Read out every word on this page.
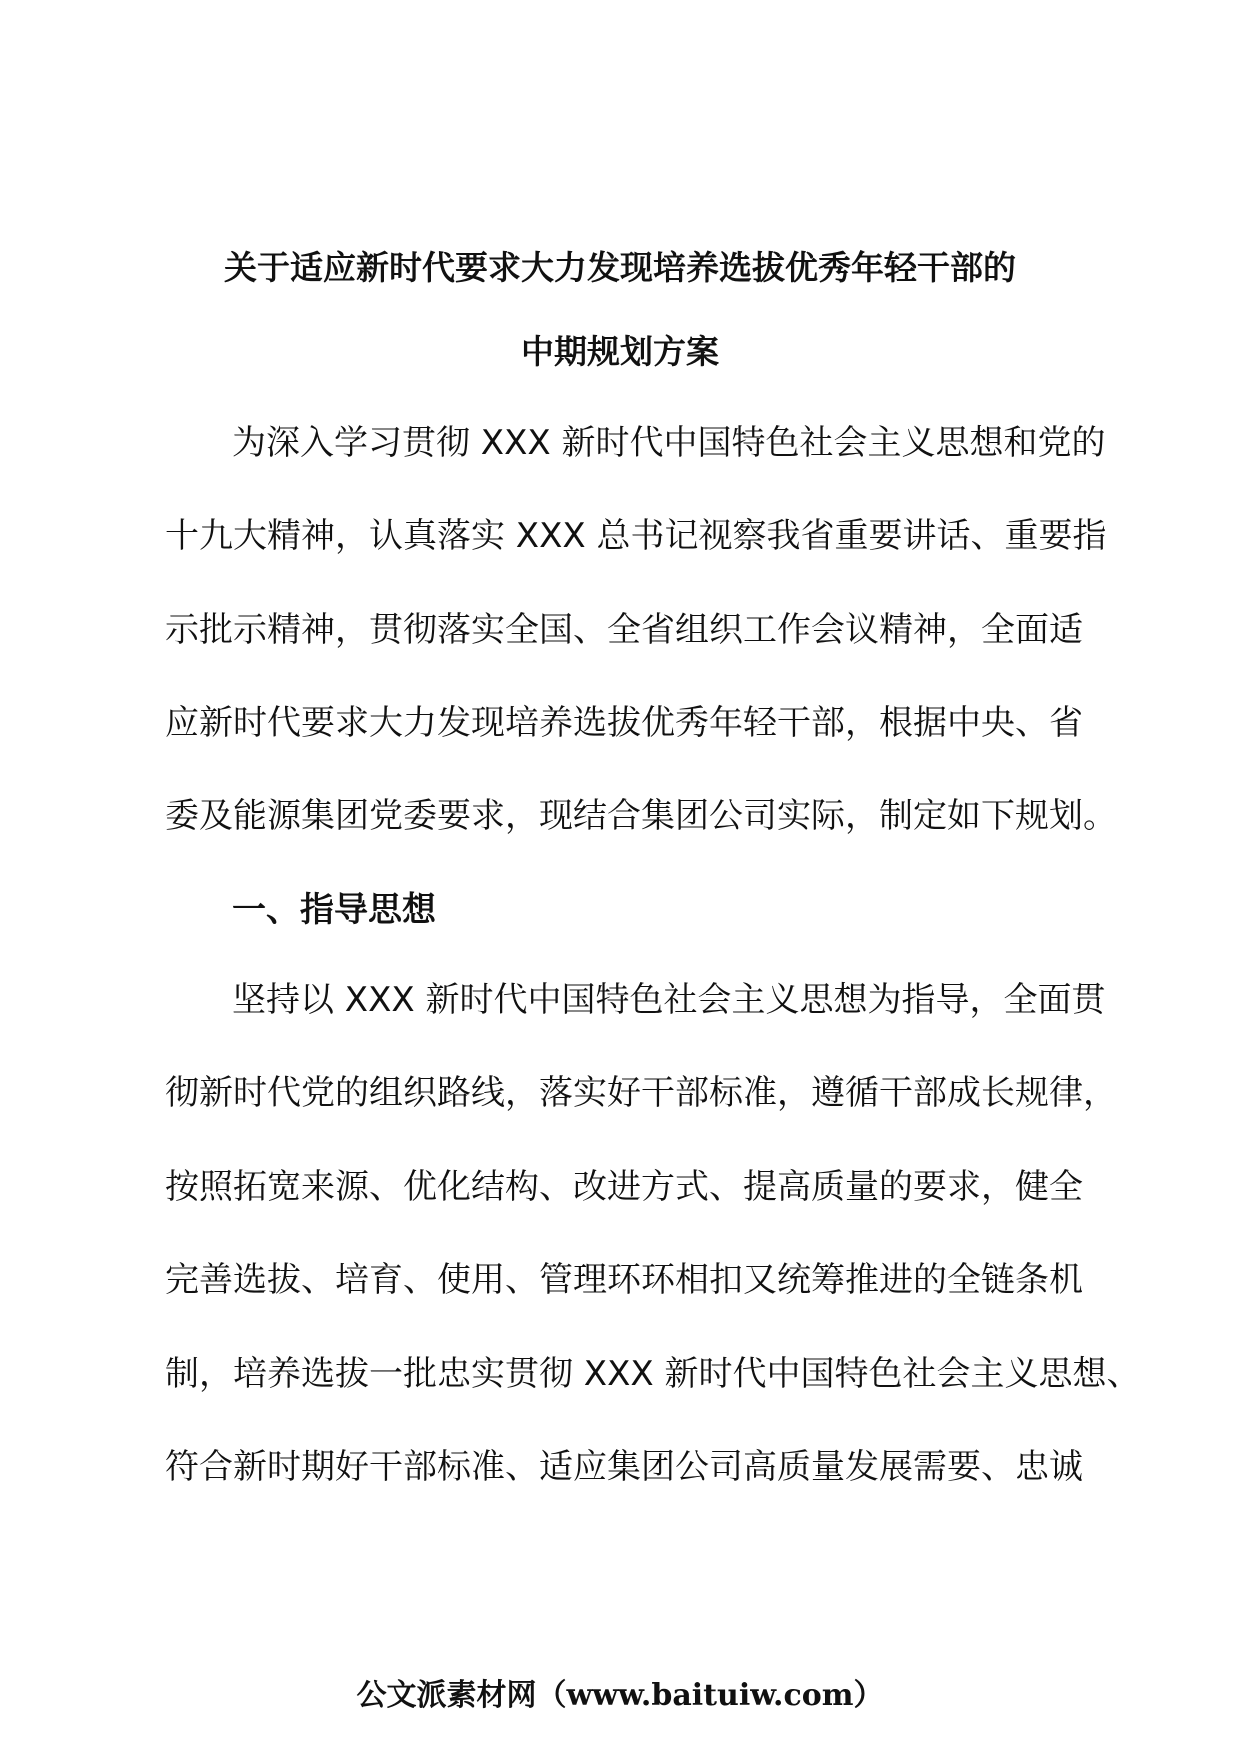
关于适应新时代要求大力发现培养选拔优秀年轻干部的
中期规划方案
为深入学习贯彻 XXX 新时代中国特色社会主义思想和党的
十九大精神，认真落实 XXX 总书记视察我省重要讲话、重要指
示批示精神，贯彻落实全国、全省组织工作会议精神，全面适
应新时代要求大力发现培养选拔优秀年轻干部，根据中央、省
委及能源集团党委要求，现结合集团公司实际，制定如下规划。
一、指导思想
坚持以 XXX 新时代中国特色社会主义思想为指导，全面贯
彻新时代党的组织路线，落实好干部标准，遵循干部成长规律，
按照拓宽来源、优化结构、改进方式、提高质量的要求，健全
完善选拔、培育、使用、管理环环相扣又统筹推进的全链条机
制，培养选拔一批忠实贯彻 XXX 新时代中国特色社会主义思想、
符合新时期好干部标准、适应集团公司高质量发展需要、忠诚
公文派素材网（www.baituiw.com）
